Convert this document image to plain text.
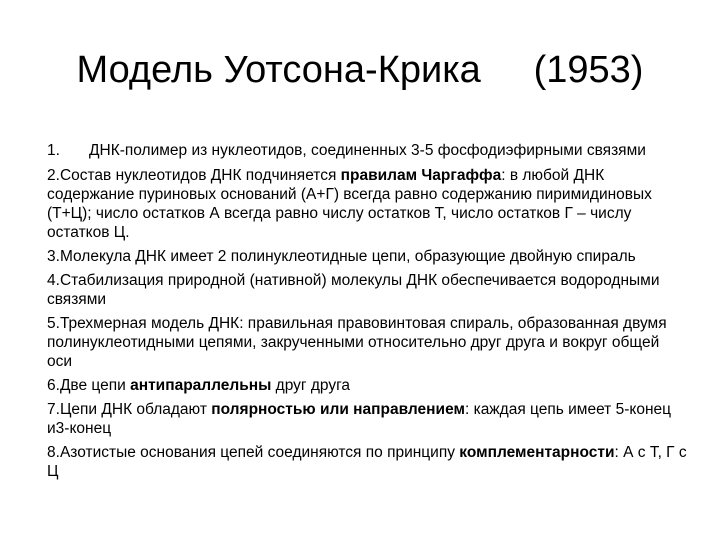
Модель Уотсона-Крика     (1953)
1.	ДНК-полимер из нуклеотидов, соединенных 3-5 фосфодиэфирными связями
2.Состав нуклеотидов ДНК подчиняется правилам Чаргаффа: в любой ДНК содержание пуриновых оснований (А+Г) всегда равно содержанию пиримидиновых (Т+Ц); число остатков А всегда равно числу остатков Т, число остатков Г – числу остатков Ц.
3.Молекула ДНК имеет 2 полинуклеотидные цепи, образующие двойную спираль
4.Стабилизация природной (нативной) молекулы ДНК обеспечивается водородными связями
5.Трехмерная модель ДНК: правильная правовинтовая спираль, образованная двумя полинуклеотидными цепями, закрученными относительно друг друга и вокруг общей оси
6.Две цепи антипараллельны друг друга
7.Цепи ДНК обладают полярностью или направлением: каждая цепь имеет 5-конец и3-конец
8.Азотистые основания цепей соединяются по принципу комплементарности: А с Т, Г с Ц
